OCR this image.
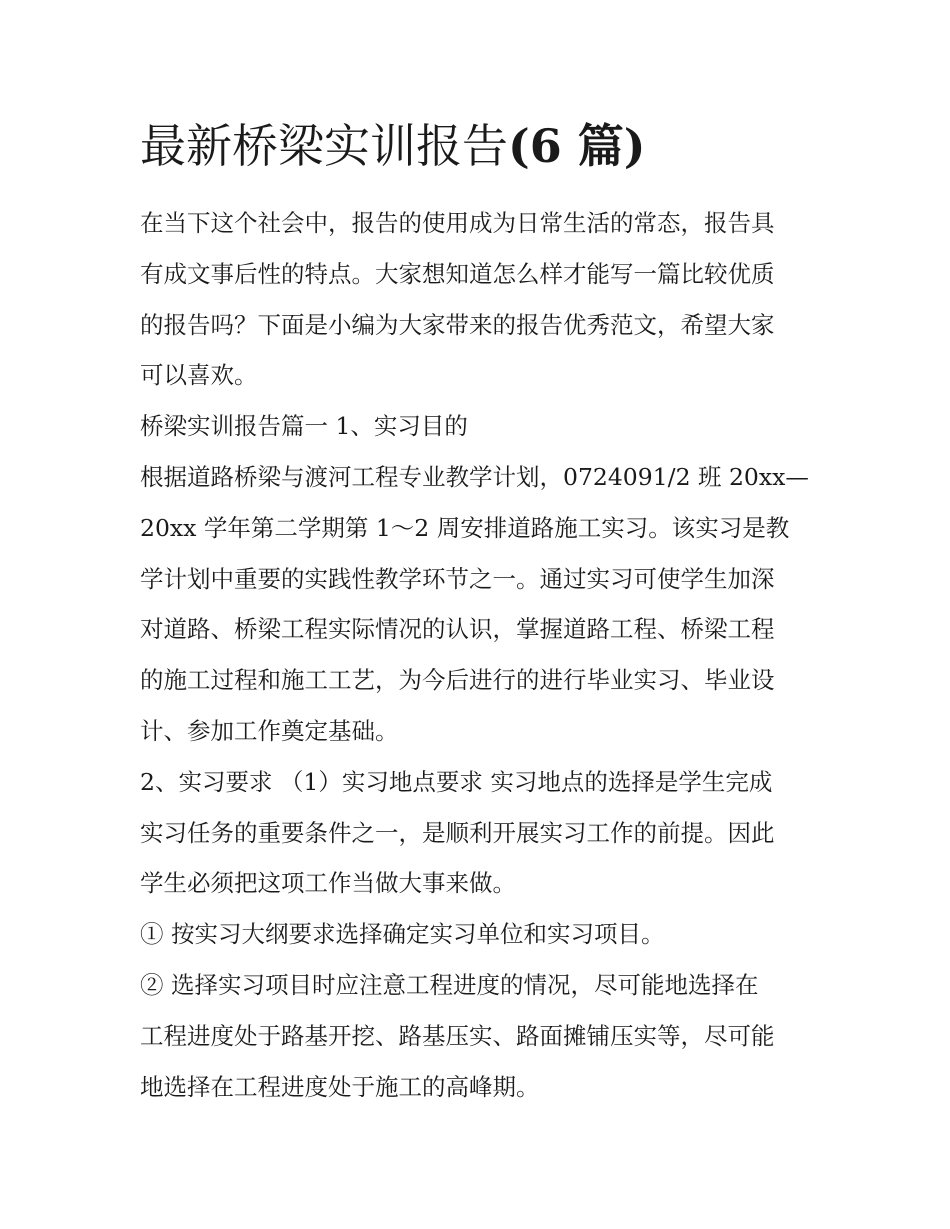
最新桥梁实训报告(6 篇)

在当下这个社会中，报告的使用成为日常生活的常态，报告具

有成文事后性的特点。大家想知道怎么样才能写一篇比较优质

的报告吗？下面是小编为大家带来的报告优秀范文，希望大家

可以喜欢。

桥梁实训报告篇一 1、实习目的

根据道路桥梁与渡河工程专业教学计划，0724091/2 班 20xx—

20xx 学年第二学期第 1～2 周安排道路施工实习。该实习是教

学计划中重要的实践性教学环节之一。通过实习可使学生加深

对道路、桥梁工程实际情况的认识，掌握道路工程、桥梁工程

的施工过程和施工工艺，为今后进行的进行毕业实习、毕业设

计、参加工作奠定基础。

2、实习要求 （1）实习地点要求 实习地点的选择是学生完成

实习任务的重要条件之一，是顺利开展实习工作的前提。因此

学生必须把这项工作当做大事来做。

① 按实习大纲要求选择确定实习单位和实习项目。

② 选择实习项目时应注意工程进度的情况，尽可能地选择在

工程进度处于路基开挖、路基压实、路面摊铺压实等，尽可能

地选择在工程进度处于施工的高峰期。
